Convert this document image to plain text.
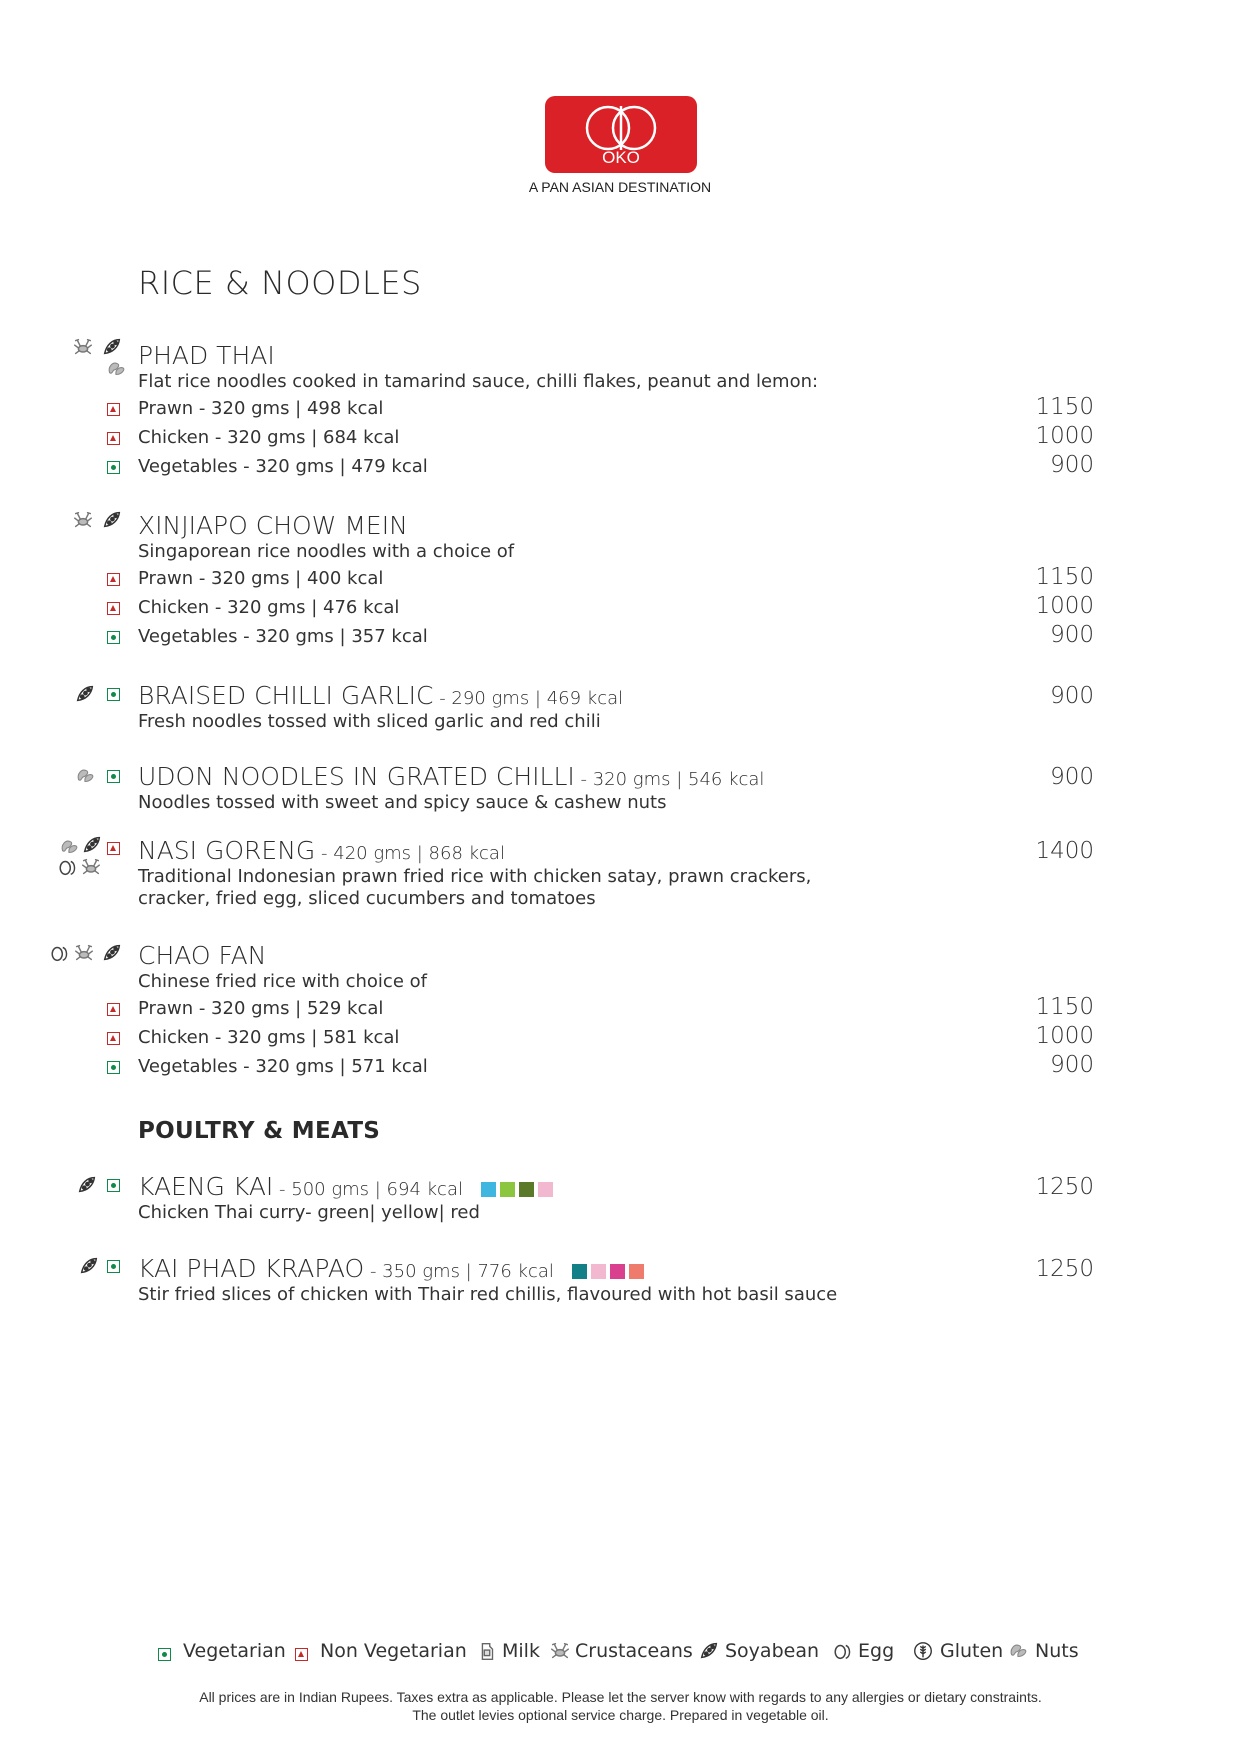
OKO
A PAN ASIAN DESTINATION
RICE & NOODLES
PHAD THAI
Flat rice noodles cooked in tamarind sauce, chilli flakes, peanut and lemon:
Prawn - 320 gms | 498 kcal	1150
Chicken - 320 gms | 684 kcal	1000
Vegetables - 320 gms | 479 kcal	900
XINJIAPO CHOW MEIN
Singaporean rice noodles with a choice of
Prawn - 320 gms | 400 kcal	1150
Chicken - 320 gms | 476 kcal	1000
Vegetables - 320 gms | 357 kcal	900
BRAISED CHILLI GARLIC - 290 gms | 469 kcal	900
Fresh noodles tossed with sliced garlic and red chili
UDON NOODLES IN GRATED CHILLI - 320 gms | 546 kcal	900
Noodles tossed with sweet and spicy sauce & cashew nuts
NASI GORENG - 420 gms | 868 kcal	1400
Traditional Indonesian prawn fried rice with chicken satay, prawn crackers,
cracker, fried egg, sliced cucumbers and tomatoes
CHAO FAN
Chinese fried rice with choice of
Prawn - 320 gms | 529 kcal	1150
Chicken - 320 gms | 581 kcal	1000
Vegetables - 320 gms | 571 kcal	900
POULTRY & MEATS
KAENG KAI - 500 gms | 694 kcal	1250
Chicken Thai curry- green| yellow| red
KAI PHAD KRAPAO - 350 gms | 776 kcal	1250
Stir fried slices of chicken with Thair red chillis, flavoured with hot basil sauce
Vegetarian	Non Vegetarian	Milk	Crustaceans	Soyabean	Egg	Gluten	Nuts
All prices are in Indian Rupees. Taxes extra as applicable. Please let the server know with regards to any allergies or dietary constraints.
The outlet levies optional service charge. Prepared in vegetable oil.
